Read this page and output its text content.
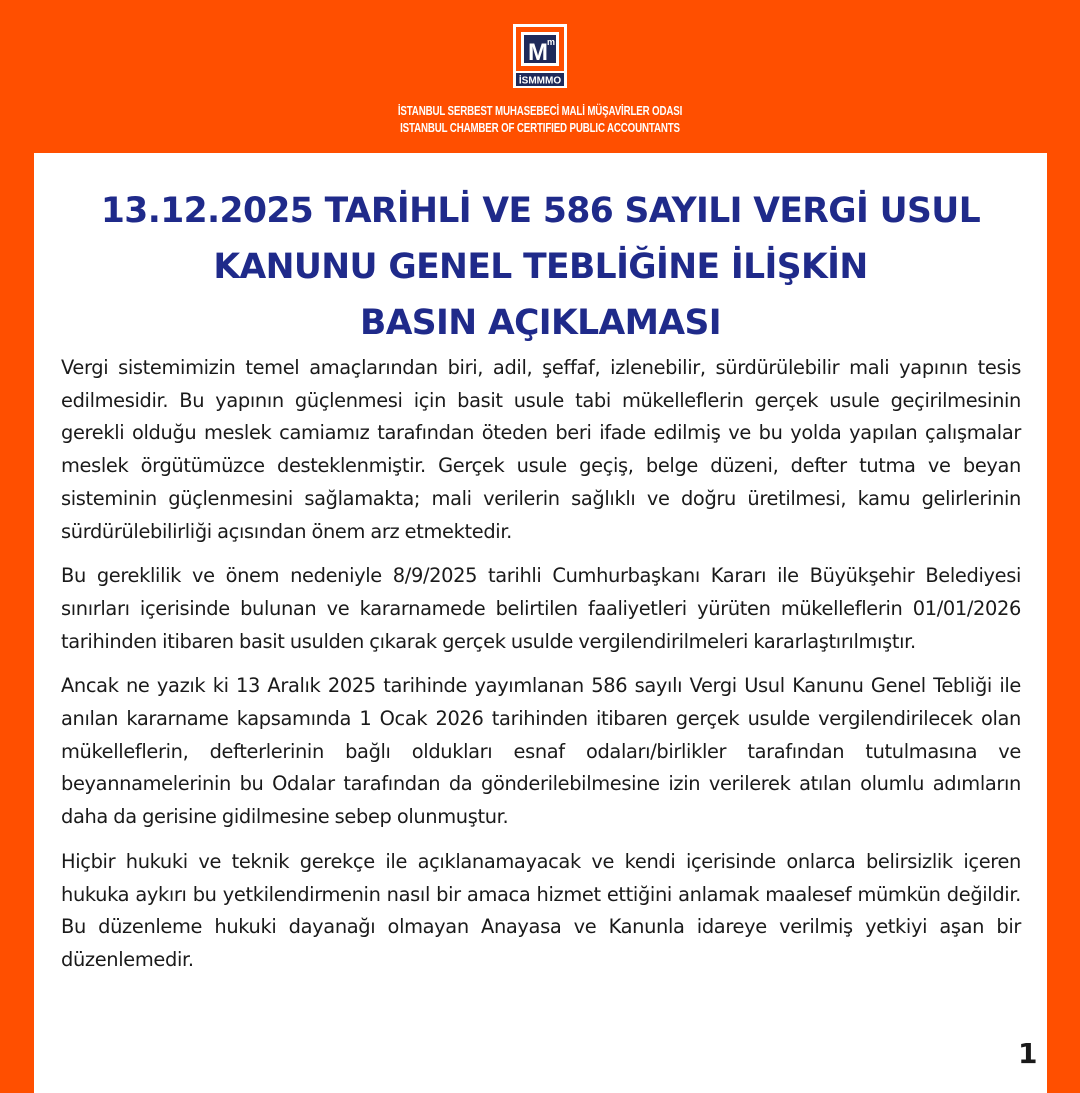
M
m
İSMMMO
İSTANBUL SERBEST MUHASEBECİ MALİ MÜŞAVİRLER ODASI
ISTANBUL CHAMBER OF CERTIFIED PUBLIC ACCOUNTANTS
13.12.2025 TARİHLİ VE 586 SAYILI VERGİ USUL
KANUNU GENEL TEBLİĞİNE İLİŞKİN
BASIN AÇIKLAMASI

Vergi sistemimizin temel amaçlarından biri, adil, şeffaf, izlenebilir, sürdürülebilir mali yapının tesis edilmesidir. Bu yapının güçlenmesi için basit usule tabi mükelleflerin gerçek usule geçirilmesinin gerekli olduğu meslek camiamız tarafından öteden beri ifade edilmiş ve bu yolda yapılan çalışmalar meslek örgütümüzce desteklenmiştir. Gerçek usule geçiş, belge düzeni, defter tutma ve beyan sisteminin güçlenmesini sağlamakta; mali verilerin sağlıklı ve doğru üretilmesi, kamu gelirlerinin sürdürülebilirliği açısından önem arz etmektedir.

Bu gereklilik ve önem nedeniyle 8/9/2025 tarihli Cumhurbaşkanı Kararı ile Büyükşehir Belediyesi sınırları içerisinde bulunan ve kararnamede belirtilen faaliyetleri yürüten mükelleflerin 01/01/2026 tarihinden itibaren basit usulden çıkarak gerçek usulde vergilendirilmeleri kararlaştırılmıştır.

Ancak ne yazık ki 13 Aralık 2025 tarihinde yayımlanan 586 sayılı Vergi Usul Kanunu Genel Tebliği ile anılan kararname kapsamında 1 Ocak 2026 tarihinden itibaren gerçek usulde vergilendirilecek olan mükelleflerin, defterlerinin bağlı oldukları esnaf odaları/birlikler tarafından tutulmasına ve beyannamelerinin bu Odalar tarafından da gönderilebilmesine izin verilerek atılan olumlu adımların daha da gerisine gidilmesine sebep olunmuştur.

Hiçbir hukuki ve teknik gerekçe ile açıklanamayacak ve kendi içerisinde onlarca belirsizlik içeren hukuka aykırı bu yetkilendirmenin nasıl bir amaca hizmet ettiğini anlamak maalesef mümkün değildir. Bu düzenleme hukuki dayanağı olmayan Anayasa ve Kanunla idareye verilmiş yetkiyi aşan bir düzenlemedir.

1
